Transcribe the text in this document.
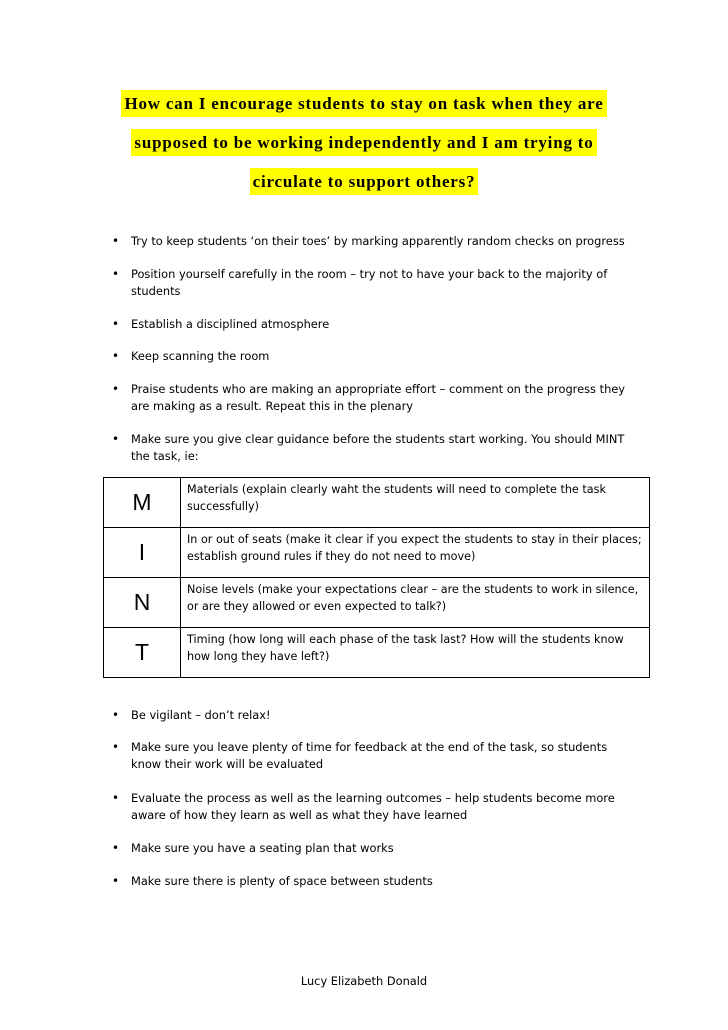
How can I encourage students to stay on task when they are
supposed to be working independently and I am trying to
circulate to support others?
• Try to keep students ‘on their toes’ by marking apparently random checks on progress
• Position yourself carefully in the room – try not to have your back to the majority of students
• Establish a disciplined atmosphere
• Keep scanning the room
• Praise students who are making an appropriate effort – comment on the progress they are making as a result. Repeat this in the plenary
• Make sure you give clear guidance before the students start working. You should MINT the task, ie:
M	Materials (explain clearly waht the students will need to complete the task successfully)
I	In or out of seats (make it clear if you expect the students to stay in their places; establish ground rules if they do not need to move)
N	Noise levels (make your expectations clear – are the students to work in silence, or are they allowed or even expected to talk?)
T	Timing (how long will each phase of the task last? How will the students know how long they have left?)
• Be vigilant – don’t relax!
• Make sure you leave plenty of time for feedback at the end of the task, so students know their work will be evaluated
• Evaluate the process as well as the learning outcomes – help students become more aware of how they learn as well as what they have learned
• Make sure you have a seating plan that works
• Make sure there is plenty of space between students
Lucy Elizabeth Donald
